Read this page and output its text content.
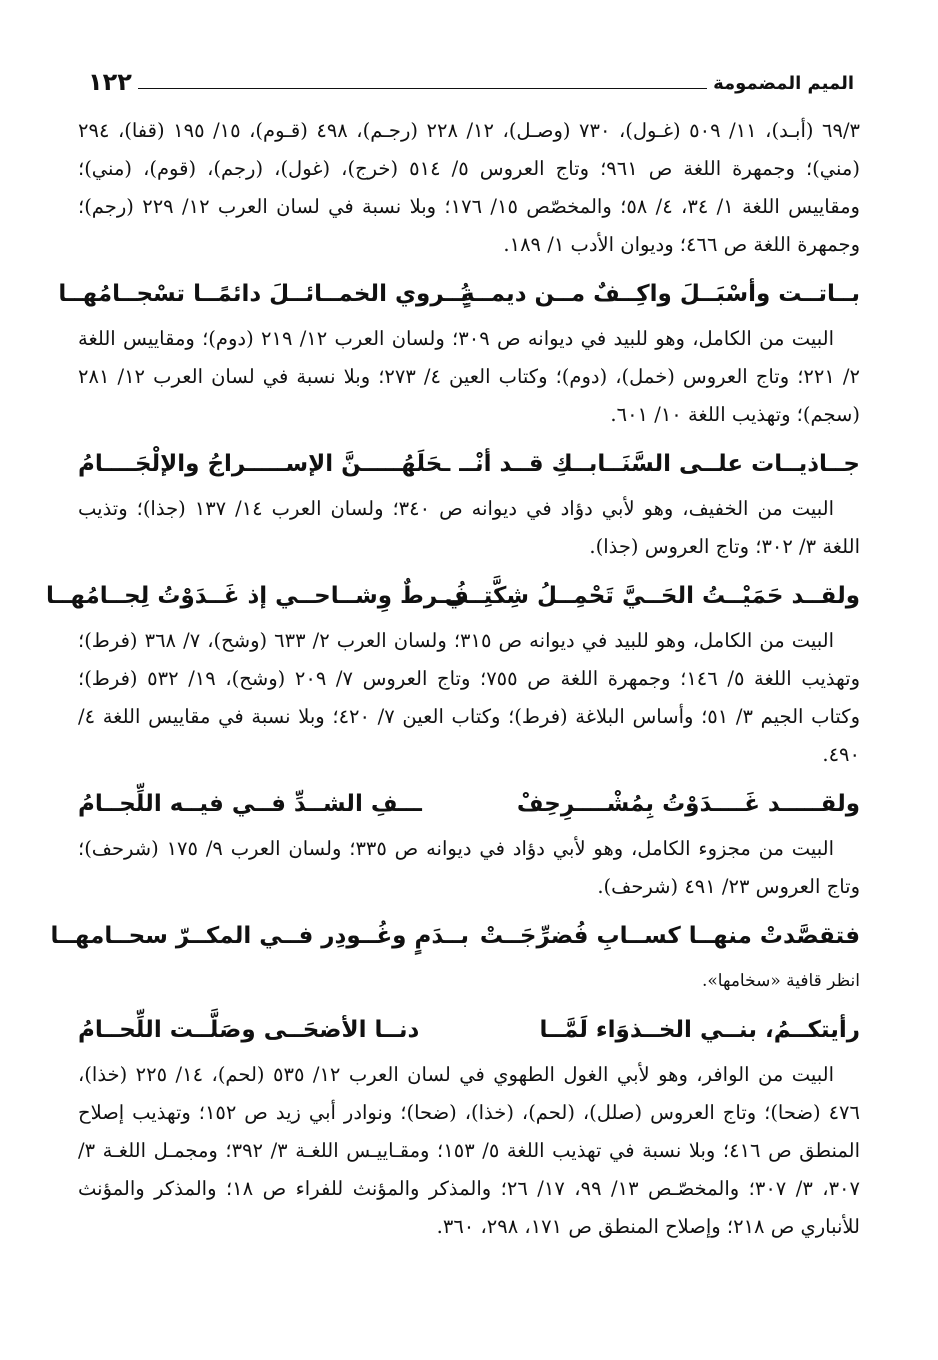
الميم المضمومة
١٢٢

٦٩/٣ (أبـد)، ١١/ ٥٠٩ (غـول)، ٧٣٠ (وصـل)، ١٢/ ٢٢٨ (رجـم)، ٤٩٨ (قـوم)، ١٥/ ١٩٥ (قفا)، ٢٩٤ (مني)؛ وجمهرة اللغة ص ٩٦١؛ وتاج العروس ٥/ ٥١٤ (خرج)، (غول)، (رجم)، (قوم)، (مني)؛ ومقاييس اللغة ١/ ٣٤، ٤/ ٥٨؛ والمخصّص ١٥/ ١٧٦؛ وبلا نسبة في لسان العرب ١٢/ ٢٢٩ (رجم)؛ وجمهرة اللغة ص ٤٦٦؛ وديوان الأدب ١/ ١٨٩.

بــاتــت وأسْبَــلَ واكِــفٌ مــن ديمــةٍ
يُــروي الخمــائــلَ دائمًــا تسْجــامُهــا

البيت من الكامل، وهو للبيد في ديوانه ص ٣٠٩؛ ولسان العرب ١٢/ ٢١٩ (دوم)؛ ومقاييس اللغة ٢/ ٢٢١؛ وتاج العروس (خمل)، (دوم)؛ وكتاب العين ٤/ ٢٧٣؛ وبلا نسبة في لسان العرب ١٢/ ٢٨١ (سجم)؛ وتهذيب اللغة ١٠/ ٦٠١.

جــاذيــات علــى السَّنَــابــكِ قــد أنْــ
ـحَلَهُـــــنَّ الإســـــراجُ والإلْجَــــامُ

البيت من الخفيف، وهو لأبي دؤاد في ديوانه ص ٣٤٠؛ ولسان العرب ١٤/ ١٣٧ (جذا)؛ وتذيب اللغة ٣/ ٣٠٢؛ وتاج العروس (جذا).

ولقــد حَمَيْــتُ الحَــيَّ تَحْمِــلُ شِكَّتِــي
فُــرطٌ وِشــاحــي إذ غَــدَوْتُ لِجــامُهــا

البيت من الكامل، وهو للبيد في ديوانه ص ٣١٥؛ ولسان العرب ٢/ ٦٣٣ (وشح)، ٧/ ٣٦٨ (فرط)؛ وتهذيب اللغة ٥/ ١٤٦؛ وجمهرة اللغة ص ٧٥٥؛ وتاج العروس ٧/ ٢٠٩ (وشح)، ١٩/ ٥٣٢ (فرط)؛ وكتاب الجيم ٣/ ٥١؛ وأساس البلاغة (فرط)؛ وكتاب العين ٧/ ٤٢٠؛ وبلا نسبة في مقاييس اللغة ٤/ ٤٩٠.

ولقـــــد غَــــدَوْتُ بِمُشْــــرِحِفْ
ـــفِ الشــدِّ فــي فيــه اللِّجــامُ

البيت من مجزوء الكامل، وهو لأبي دؤاد في ديوانه ص ٣٣٥؛ ولسان العرب ٩/ ١٧٥ (شرحف)؛ وتاج العروس ٢٣/ ٤٩١ (شرحف).

فتقصَّدتْ منهــا كســابِ فُضرِّجَــتْ
بــدَمٍ وغُــودِر فــي المكــرّ سحــامهــا

انظر قافية «سخامها».

رأيتكــمُ، بنــي الخــذوَاء لَمَّــا
دنــا الأضحَــى وصَلَّــت اللِّحــامُ

البيت من الوافر، وهو لأبي الغول الطهوي في لسان العرب ١٢/ ٥٣٥ (لحم)، ١٤/ ٢٢٥ (خذا)، ٤٧٦ (ضحا)؛ وتاج العروس (صلل)، (لحم)، (خذا)، (ضحا)؛ ونوادر أبي زيد ص ١٥٢؛ وتهذيب إصلاح المنطق ص ٤١٦؛ وبلا نسبة في تهذيب اللغة ٥/ ١٥٣؛ ومقـاييـس اللغـة ٣/ ٣٩٢؛ ومجمـل اللغـة ٣/ ٣٠٧، ٣/ ٣٠٧؛ والمخصّـص ١٣/ ٩٩، ١٧/ ٢٦؛ والمذكر والمؤنث للفراء ص ١٨؛ والمذكر والمؤنث للأنباري ص ٢١٨؛ وإصلاح المنطق ص ١٧١، ٢٩٨، ٣٦٠.
